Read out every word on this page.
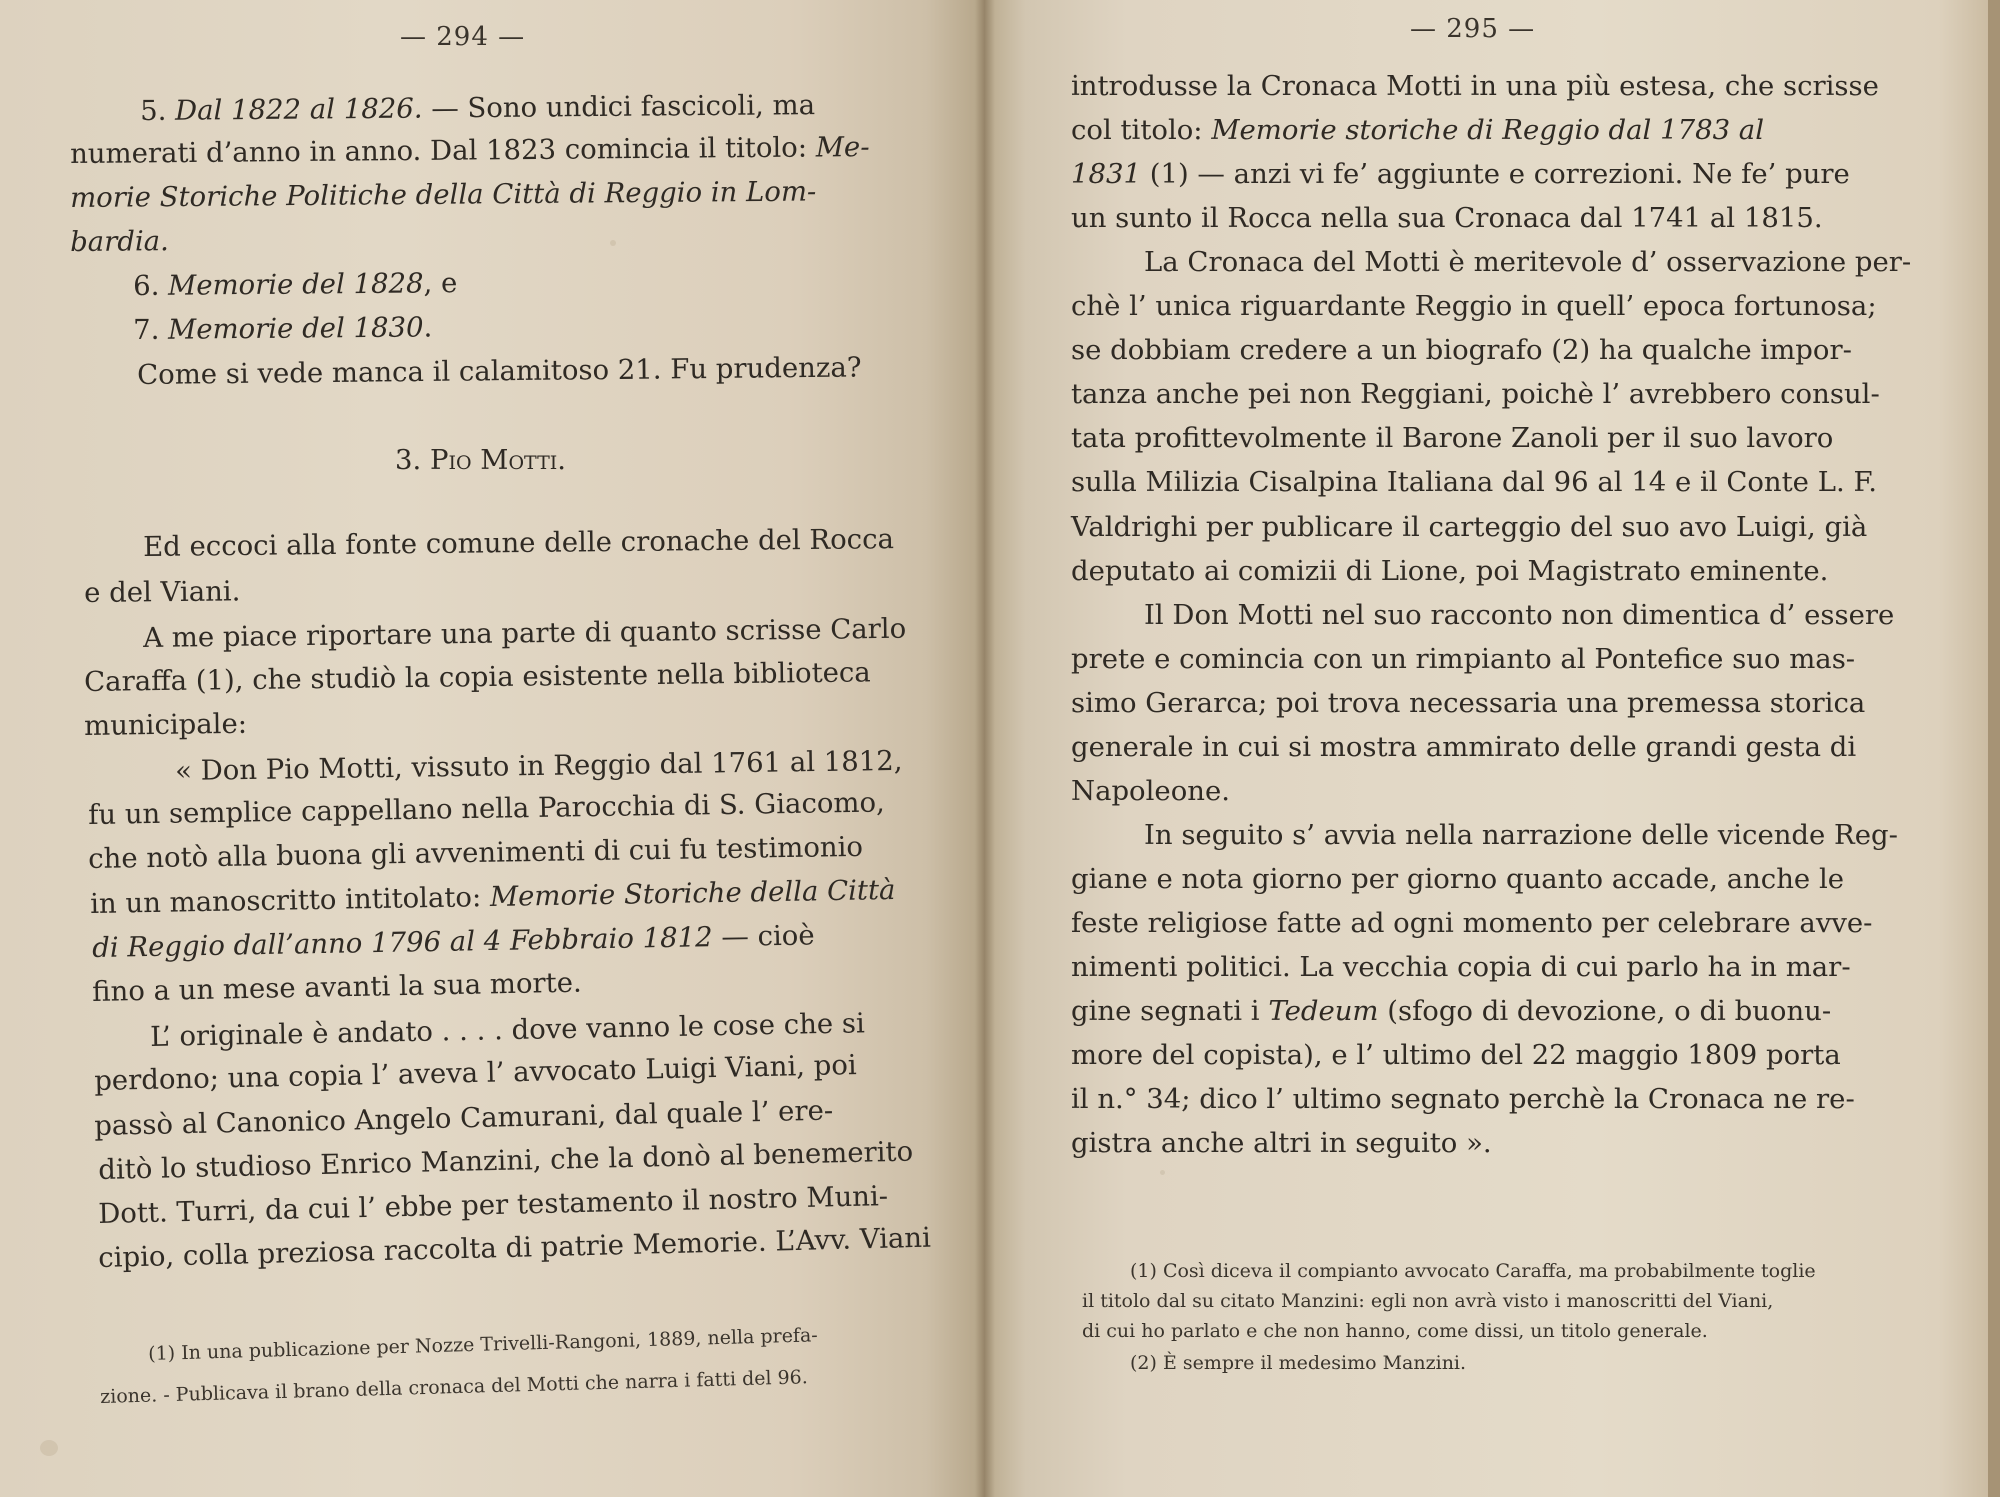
— 294 —
5. Dal 1822 al 1826. — Sono undici fascicoli, ma
numerati d’anno in anno. Dal 1823 comincia il titolo: Me-
morie Storiche Politiche della Città di Reggio in Lom-
bardia.
6. Memorie del 1828, e
7. Memorie del 1830.
Come si vede manca il calamitoso 21. Fu prudenza?
3. Pio Motti.
Ed eccoci alla fonte comune delle cronache del Rocca
e del Viani.
A me piace riportare una parte di quanto scrisse Carlo
Caraffa (1), che studiò la copia esistente nella biblioteca
municipale:
« Don Pio Motti, vissuto in Reggio dal 1761 al 1812,
fu un semplice cappellano nella Parocchia di S. Giacomo,
che notò alla buona gli avvenimenti di cui fu testimonio
in un manoscritto intitolato: Memorie Storiche della Città
di Reggio dall’anno 1796 al 4 Febbraio 1812 — cioè
fino a un mese avanti la sua morte.
L’ originale è andato . . . . dove vanno le cose che si
perdono; una copia l’ aveva l’ avvocato Luigi Viani, poi
passò al Canonico Angelo Camurani, dal quale l’ ere-
ditò lo studioso Enrico Manzini, che la donò al benemerito
Dott. Turri, da cui l’ ebbe per testamento il nostro Muni-
cipio, colla preziosa raccolta di patrie Memorie. L’Avv. Viani
(1) In una publicazione per Nozze Trivelli-Rangoni, 1889, nella prefa-
zione. - Publicava il brano della cronaca del Motti che narra i fatti del 96.
— 295 —
introdusse la Cronaca Motti in una più estesa, che scrisse
col titolo: Memorie storiche di Reggio dal 1783 al
1831 (1) — anzi vi fe’ aggiunte e correzioni. Ne fe’ pure
un sunto il Rocca nella sua Cronaca dal 1741 al 1815.
La Cronaca del Motti è meritevole d’ osservazione per-
chè l’ unica riguardante Reggio in quell’ epoca fortunosa;
se dobbiam credere a un biografo (2) ha qualche impor-
tanza anche pei non Reggiani, poichè l’ avrebbero consul-
tata profittevolmente il Barone Zanoli per il suo lavoro
sulla Milizia Cisalpina Italiana dal 96 al 14 e il Conte L. F.
Valdrighi per publicare il carteggio del suo avo Luigi, già
deputato ai comizii di Lione, poi Magistrato eminente.
Il Don Motti nel suo racconto non dimentica d’ essere
prete e comincia con un rimpianto al Pontefice suo mas-
simo Gerarca; poi trova necessaria una premessa storica
generale in cui si mostra ammirato delle grandi gesta di
Napoleone.
In seguito s’ avvia nella narrazione delle vicende Reg-
giane e nota giorno per giorno quanto accade, anche le
feste religiose fatte ad ogni momento per celebrare avve-
nimenti politici. La vecchia copia di cui parlo ha in mar-
gine segnati i Tedeum (sfogo di devozione, o di buonu-
more del copista), e l’ ultimo del 22 maggio 1809 porta
il n.° 34; dico l’ ultimo segnato perchè la Cronaca ne re-
gistra anche altri in seguito ».
(1) Così diceva il compianto avvocato Caraffa, ma probabilmente toglie
il titolo dal su citato Manzini: egli non avrà visto i manoscritti del Viani,
di cui ho parlato e che non hanno, come dissi, un titolo generale.
(2) È sempre il medesimo Manzini.
